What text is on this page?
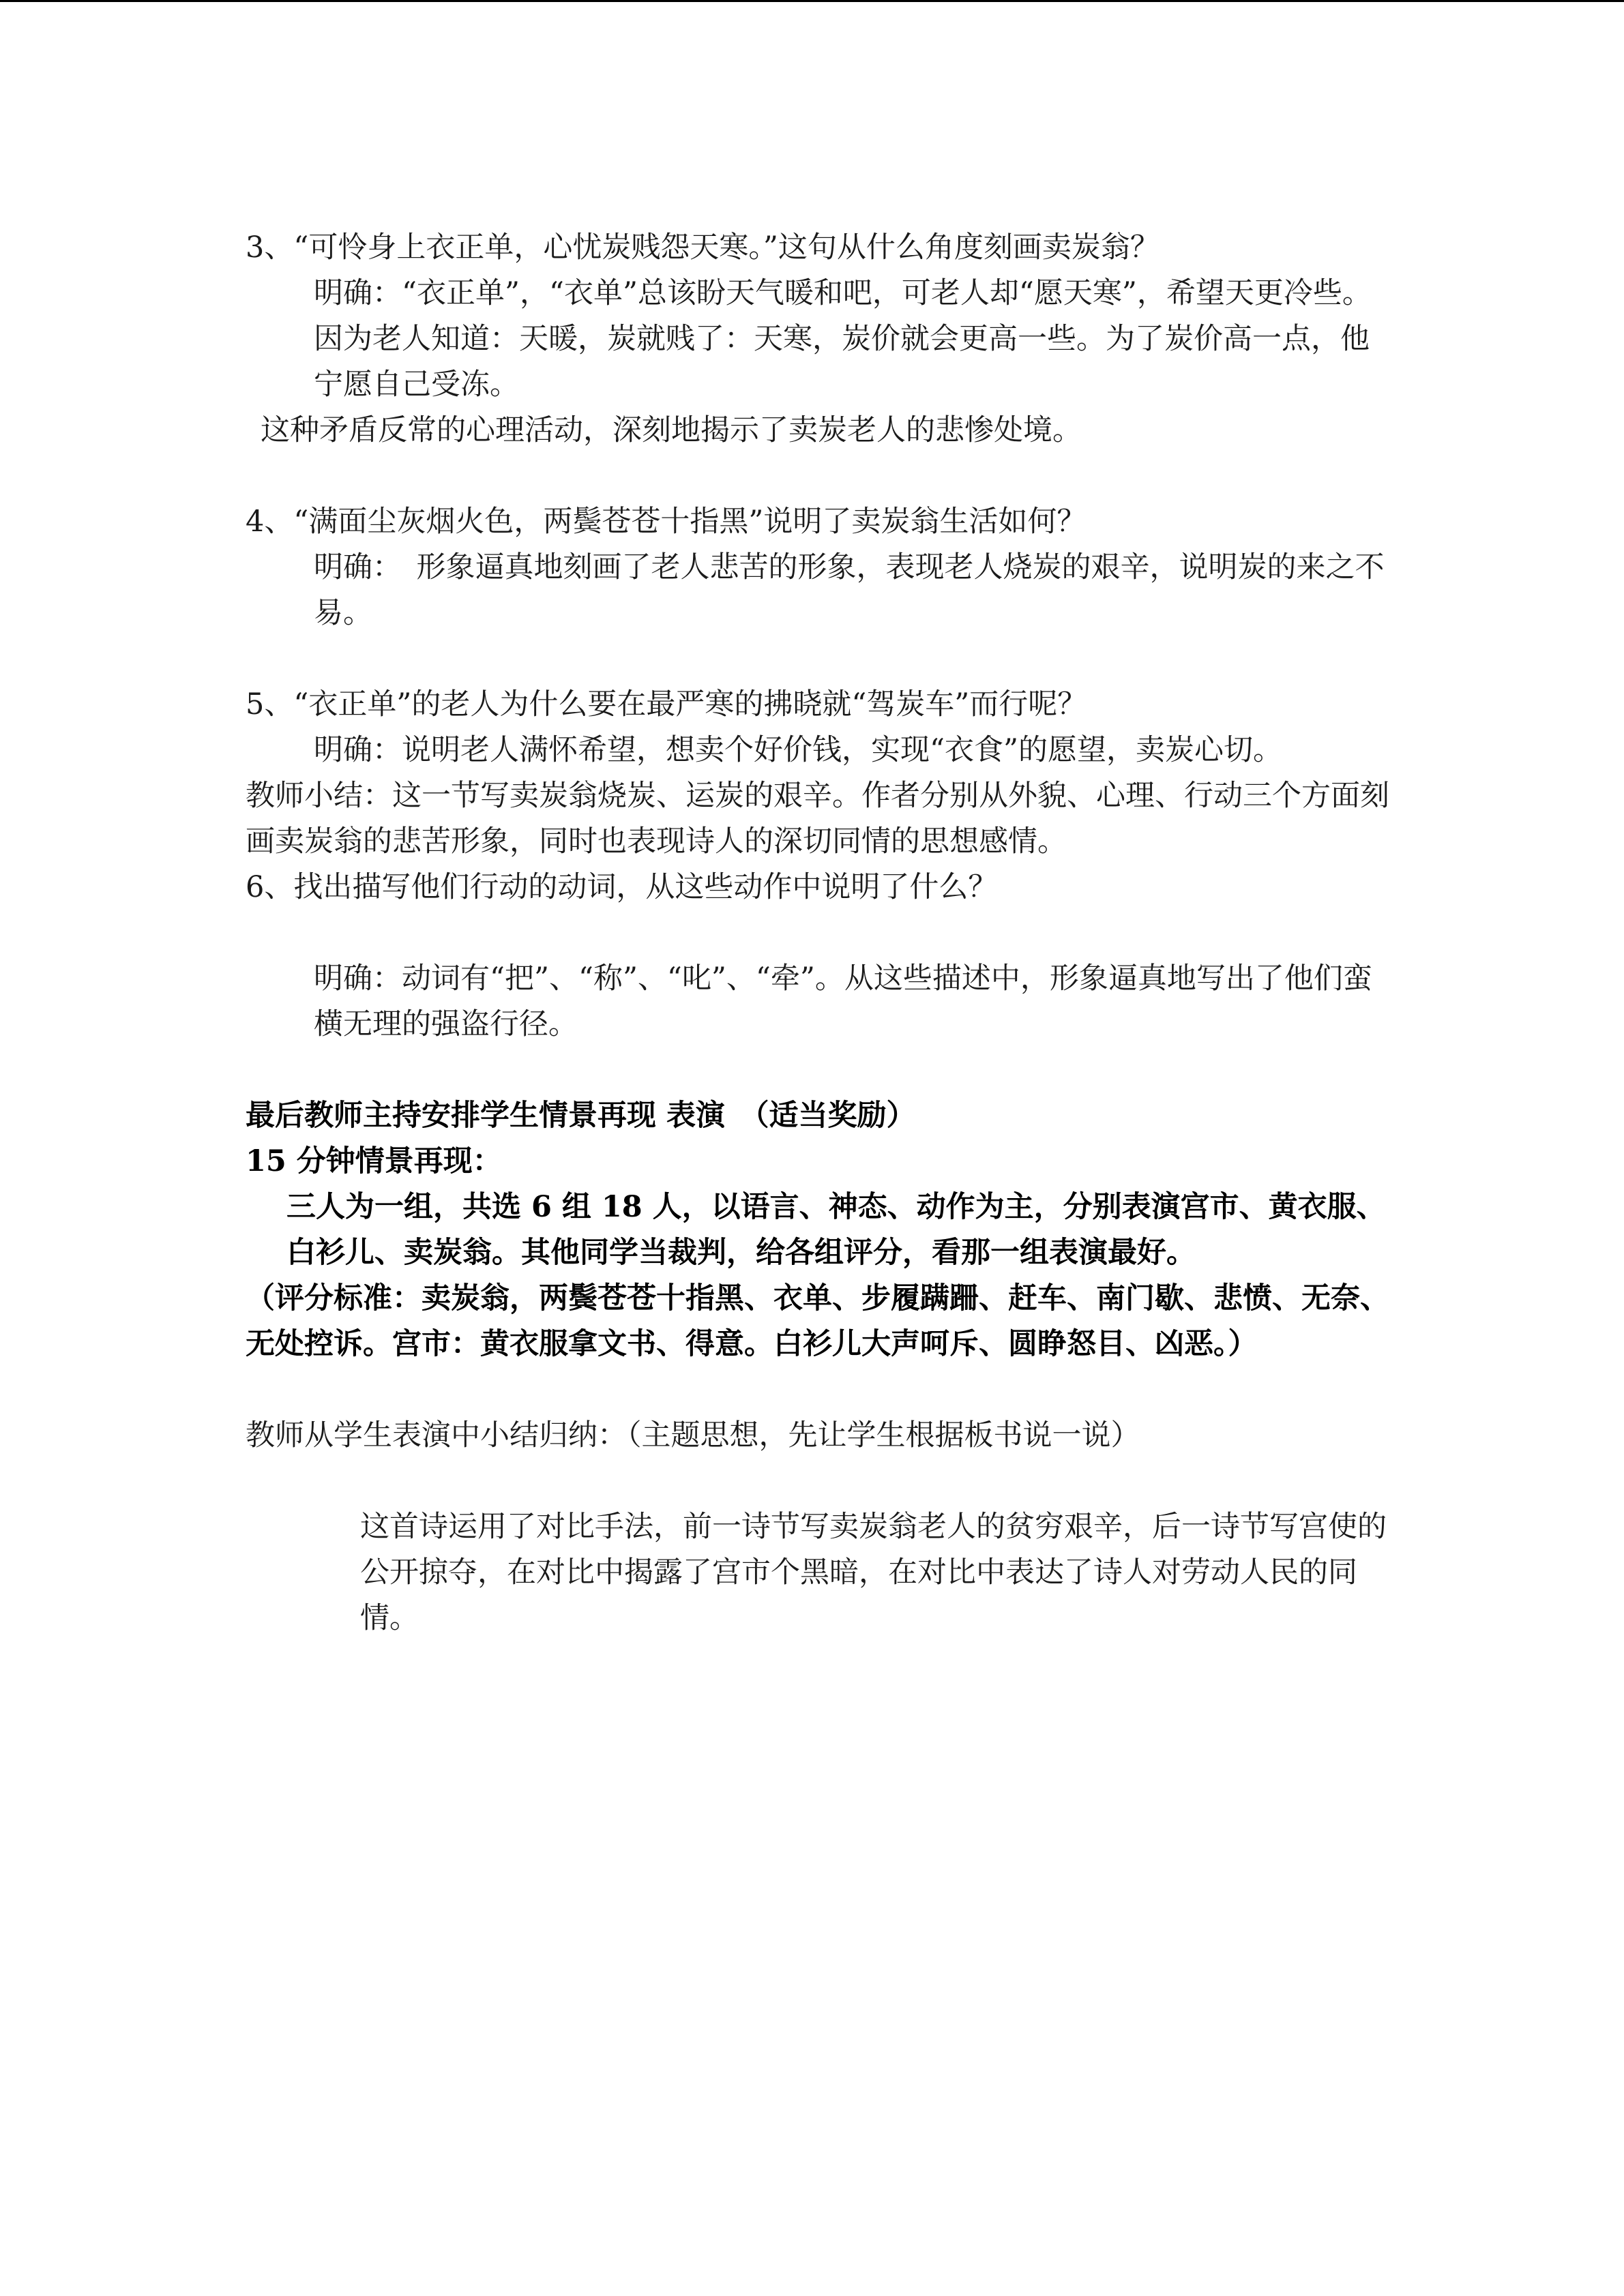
3、“可怜身上衣正单，心忧炭贱怨天寒。”这句从什么角度刻画卖炭翁？

明确：“衣正单”，“衣单”总该盼天气暖和吧，可老人却“愿天寒”，希望天更冷些。因为老人知道：天暖，炭就贱了：天寒，炭价就会更高一些。为了炭价高一点，他宁愿自己受冻。

这种矛盾反常的心理活动，深刻地揭示了卖炭老人的悲惨处境。

4、“满面尘灰烟火色，两鬓苍苍十指黑”说明了卖炭翁生活如何？

明确：　形象逼真地刻画了老人悲苦的形象，表现老人烧炭的艰辛，说明炭的来之不易。

5、“衣正单”的老人为什么要在最严寒的拂晓就“驾炭车”而行呢？

明确：说明老人满怀希望，想卖个好价钱，实现“衣食”的愿望，卖炭心切。

教师小结：这一节写卖炭翁烧炭、运炭的艰辛。作者分别从外貌、心理、行动三个方面刻画卖炭翁的悲苦形象，同时也表现诗人的深切同情的思想感情。

6、找出描写他们行动的动词，从这些动作中说明了什么？

明确：动词有“把”、“称”、“叱”、“牵”。从这些描述中，形象逼真地写出了他们蛮横无理的强盗行径。

最后教师主持安排学生情景再现 表演　（适当奖励）

15 分钟情景再现：

三人为一组，共选 6 组 18 人，以语言、神态、动作为主，分别表演宫市、黄衣服、白衫儿、卖炭翁。其他同学当裁判，给各组评分，看那一组表演最好。

（评分标准：卖炭翁，两鬓苍苍十指黑、衣单、步履蹒跚、赶车、南门歇、悲愤、无奈、无处控诉。宫市：黄衣服拿文书、得意。白衫儿大声呵斥、圆睁怒目、凶恶。）

教师从学生表演中小结归纳：（主题思想，先让学生根据板书说一说）

这首诗运用了对比手法，前一诗节写卖炭翁老人的贫穷艰辛，后一诗节写宫使的公开掠夺，在对比中揭露了宫市个黑暗，在对比中表达了诗人对劳动人民的同情。
